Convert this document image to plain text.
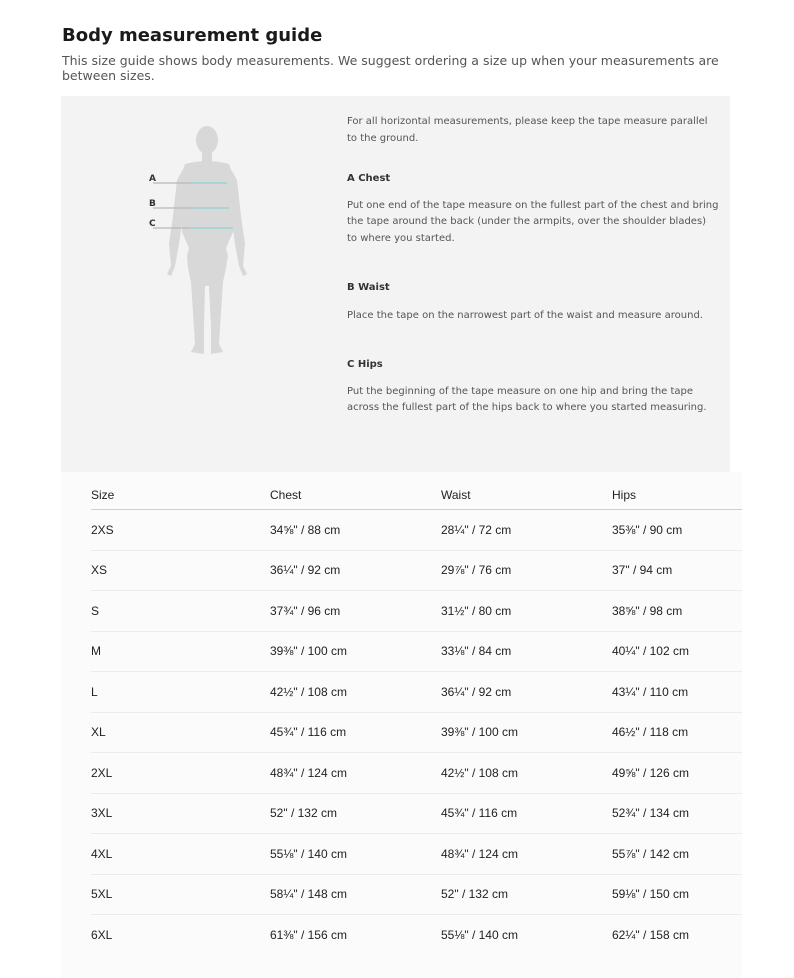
Body measurement guide
This size guide shows body measurements. We suggest ordering a size up when your measurements are between sizes.
A
B
C

For all horizontal measurements, please keep the tape measure parallel to the ground.

A Chest

Put one end of the tape measure on the fullest part of the chest and bring the tape around the back (under the armpits, over the shoulder blades) to where you started.

B Waist

Place the tape on the narrowest part of the waist and measure around.

C Hips

Put the beginning of the tape measure on one hip and bring the tape across the fullest part of the hips back to where you started measuring.

Size	Chest	Waist	Hips
2XS	34⅝" / 88 cm	28¼" / 72 cm	35⅜" / 90 cm
XS	36¼" / 92 cm	29⅞" / 76 cm	37" / 94 cm
S	37¾" / 96 cm	31½" / 80 cm	38⅝" / 98 cm
M	39⅜" / 100 cm	33⅛" / 84 cm	40¼" / 102 cm
L	42½" / 108 cm	36¼" / 92 cm	43¼" / 110 cm
XL	45¾" / 116 cm	39⅜" / 100 cm	46½" / 118 cm
2XL	48¾" / 124 cm	42½" / 108 cm	49⅝" / 126 cm
3XL	52" / 132 cm	45¾" / 116 cm	52¾" / 134 cm
4XL	55⅛" / 140 cm	48¾" / 124 cm	55⅞" / 142 cm
5XL	58¼" / 148 cm	52" / 132 cm	59⅛" / 150 cm
6XL	61⅜" / 156 cm	55⅛" / 140 cm	62¼" / 158 cm
